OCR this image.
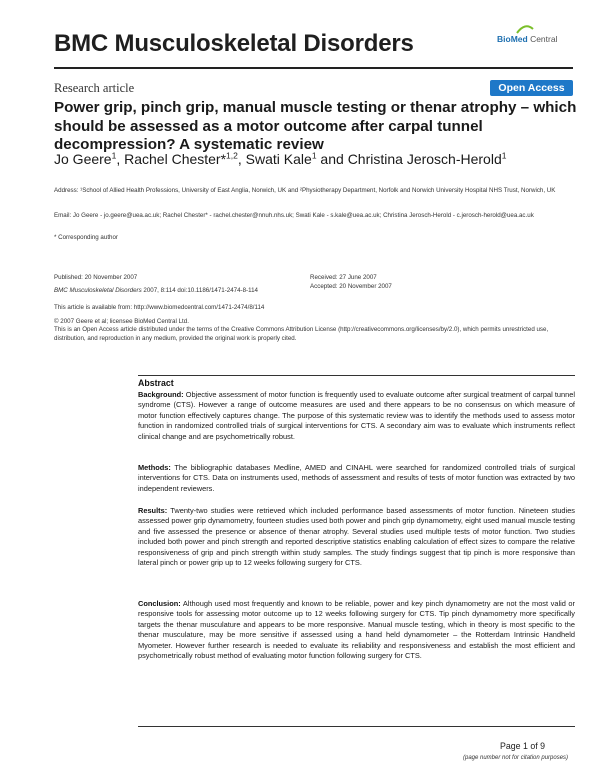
BMC Musculoskeletal Disorders	BioMed Central
Research article	Open Access
Power grip, pinch grip, manual muscle testing or thenar atrophy – which should be assessed as a motor outcome after carpal tunnel decompression? A systematic review
Jo Geere$^1$, Rachel Chester*$^{1,2}$, Swati Kale$^1$ and Christina Jerosch-Herold$^1$
Address: ¹School of Allied Health Professions, University of East Anglia, Norwich, UK and ²Physiotherapy Department, Norfolk and Norwich University Hospital NHS Trust, Norwich, UK
Email: Jo Geere - jo.geere@uea.ac.uk; Rachel Chester* - rachel.chester@nnuh.nhs.uk; Swati Kale - s.kale@uea.ac.uk; Christina Jerosch-Herold - c.jerosch-herold@uea.ac.uk
* Corresponding author
Published: 20 November 2007
BMC Musculoskeletal Disorders 2007, 8:114 doi:10.1186/1471-2474-8-114
Received: 27 June 2007
Accepted: 20 November 2007
This article is available from: http://www.biomedcentral.com/1471-2474/8/114
© 2007 Geere et al; licensee BioMed Central Ltd.
This is an Open Access article distributed under the terms of the Creative Commons Attribution License (http://creativecommons.org/licenses/by/2.0), which permits unrestricted use, distribution, and reproduction in any medium, provided the original work is properly cited.
Abstract
Background: Objective assessment of motor function is frequently used to evaluate outcome after surgical treatment of carpal tunnel syndrome (CTS). However a range of outcome measures are used and there appears to be no consensus on which measure of motor function effectively captures change. The purpose of this systematic review was to identify the methods used to assess motor function in randomized controlled trials of surgical interventions for CTS. A secondary aim was to evaluate which instruments reflect clinical change and are psychometrically robust.
Methods: The bibliographic databases Medline, AMED and CINAHL were searched for randomized controlled trials of surgical interventions for CTS. Data on instruments used, methods of assessment and results of tests of motor function was extracted by two independent reviewers.
Results: Twenty-two studies were retrieved which included performance based assessments of motor function. Nineteen studies assessed power grip dynamometry, fourteen studies used both power and pinch grip dynamometry, eight used manual muscle testing and five assessed the presence or absence of thenar atrophy. Several studies used multiple tests of motor function. Two studies included both power and pinch strength and reported descriptive statistics enabling calculation of effect sizes to compare the relative responsiveness of grip and pinch strength within study samples. The study findings suggest that tip pinch is more responsive than lateral pinch or power grip up to 12 weeks following surgery for CTS.
Conclusion: Although used most frequently and known to be reliable, power and key pinch dynamometry are not the most valid or responsive tools for assessing motor outcome up to 12 weeks following surgery for CTS. Tip pinch dynamometry more specifically targets the thenar musculature and appears to be more responsive. Manual muscle testing, which in theory is most specific to the thenar musculature, may be more sensitive if assessed using a hand held dynamometer – the Rotterdam Intrinsic Handheld Myometer. However further research is needed to evaluate its reliability and responsiveness and establish the most efficient and psychometrically robust method of evaluating motor function following surgery for CTS.
Page 1 of 9
(page number not for citation purposes)
